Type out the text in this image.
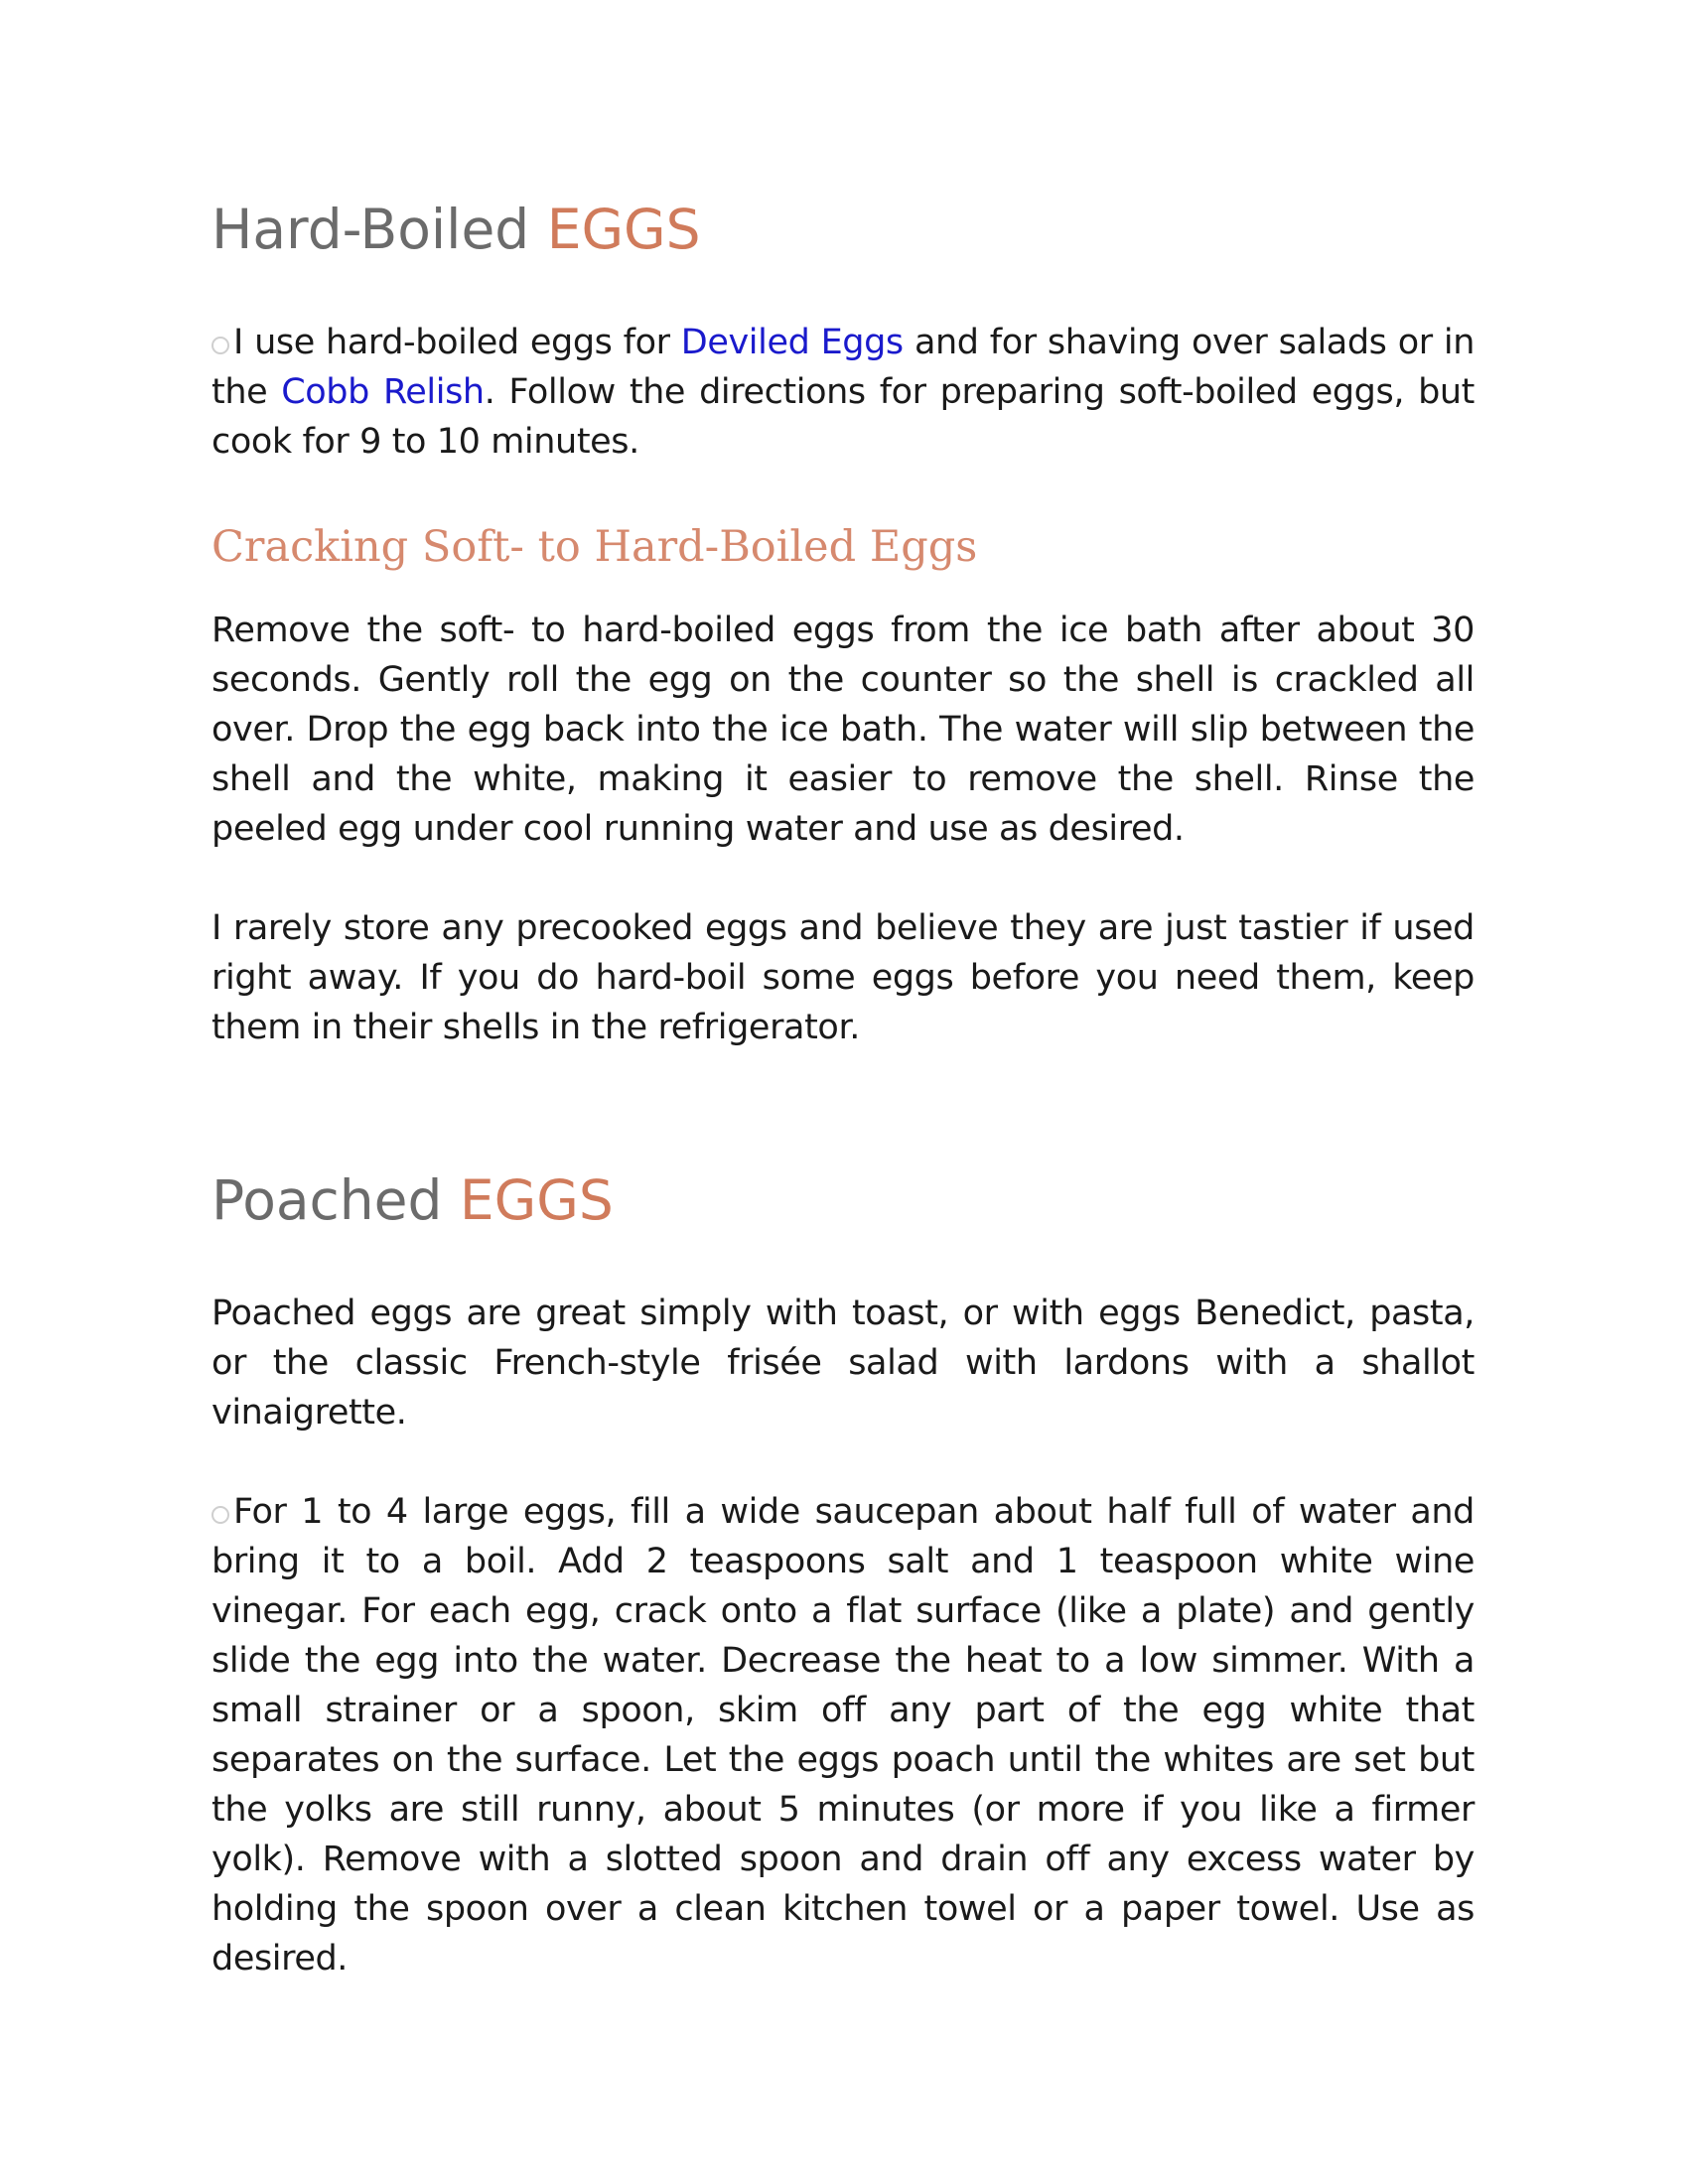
Hard-Boiled EGGS

I use hard-boiled eggs for Deviled Eggs and for shaving over salads or in the Cobb Relish. Follow the directions for preparing soft-boiled eggs, but cook for 9 to 10 minutes.

Cracking Soft- to Hard-Boiled Eggs

Remove the soft- to hard-boiled eggs from the ice bath after about 30 seconds. Gently roll the egg on the counter so the shell is crackled all over. Drop the egg back into the ice bath. The water will slip between the shell and the white, making it easier to remove the shell. Rinse the peeled egg under cool running water and use as desired.

I rarely store any precooked eggs and believe they are just tastier if used right away. If you do hard-boil some eggs before you need them, keep them in their shells in the refrigerator.

Poached EGGS

Poached eggs are great simply with toast, or with eggs Benedict, pasta, or the classic French-style frisée salad with lardons with a shallot vinaigrette.

For 1 to 4 large eggs, fill a wide saucepan about half full of water and bring it to a boil. Add 2 teaspoons salt and 1 teaspoon white wine vinegar. For each egg, crack onto a flat surface (like a plate) and gently slide the egg into the water. Decrease the heat to a low simmer. With a small strainer or a spoon, skim off any part of the egg white that separates on the surface. Let the eggs poach until the whites are set but the yolks are still runny, about 5 minutes (or more if you like a firmer yolk). Remove with a slotted spoon and drain off any excess water by holding the spoon over a clean kitchen towel or a paper towel. Use as desired.
